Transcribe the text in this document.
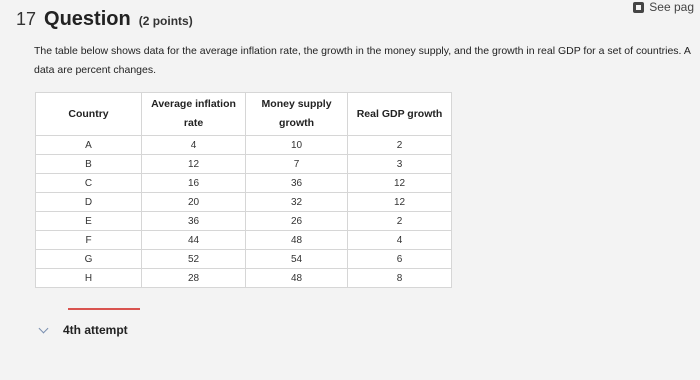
See pag
17 Question (2 points)
The table below shows data for the average inflation rate, the growth in the money supply, and the growth in real GDP for a set of countries. A data are percent changes.
Country	Average inflation rate	Money supply growth	Real GDP growth
A	4	10	2
B	12	7	3
C	16	36	12
D	20	32	12
E	36	26	2
F	44	48	4
G	52	54	6
H	28	48	8
4th attempt
